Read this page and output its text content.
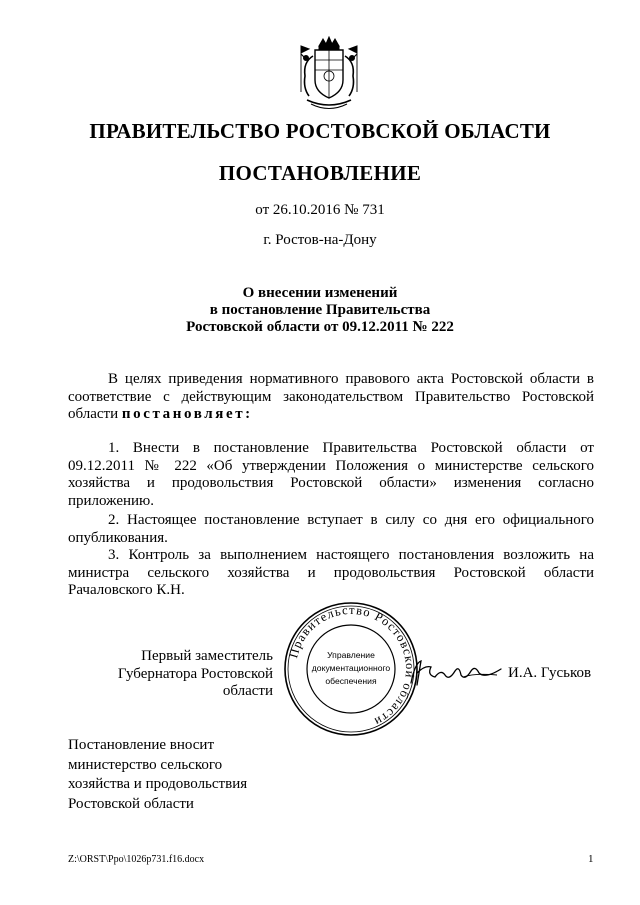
ПРАВИТЕЛЬСТВО РОСТОВСКОЙ ОБЛАСТИ
ПОСТАНОВЛЕНИЕ
от 26.10.2016 № 731
г. Ростов-на-Дону
О внесении изменений
в постановление Правительства
Ростовской области от 09.12.2011 № 222
В целях приведения нормативного правового акта Ростовской области в соответствие с действующим законодательством Правительство Ростовской области постановляет:
1. Внести в постановление Правительства Ростовской области от 09.12.2011 № 222 «Об утверждении Положения о министерстве сельского хозяйства и продовольствия Ростовской области» изменения согласно приложению.
2. Настоящее постановление вступает в силу со дня его официального опубликования.
3. Контроль за выполнением настоящего постановления возложить на министра сельского хозяйства и продовольствия Ростовской области Рачаловского К.Н.
Первый заместитель
Губернатора Ростовской области
Правительство Ростовской области
Управление
документационного
обеспечения	И.А. Гуськов
Постановление вносит
министерство сельского
хозяйства и продовольствия
Ростовской области
Z:\ORST\Ppo\1026p731.f16.docx	1
